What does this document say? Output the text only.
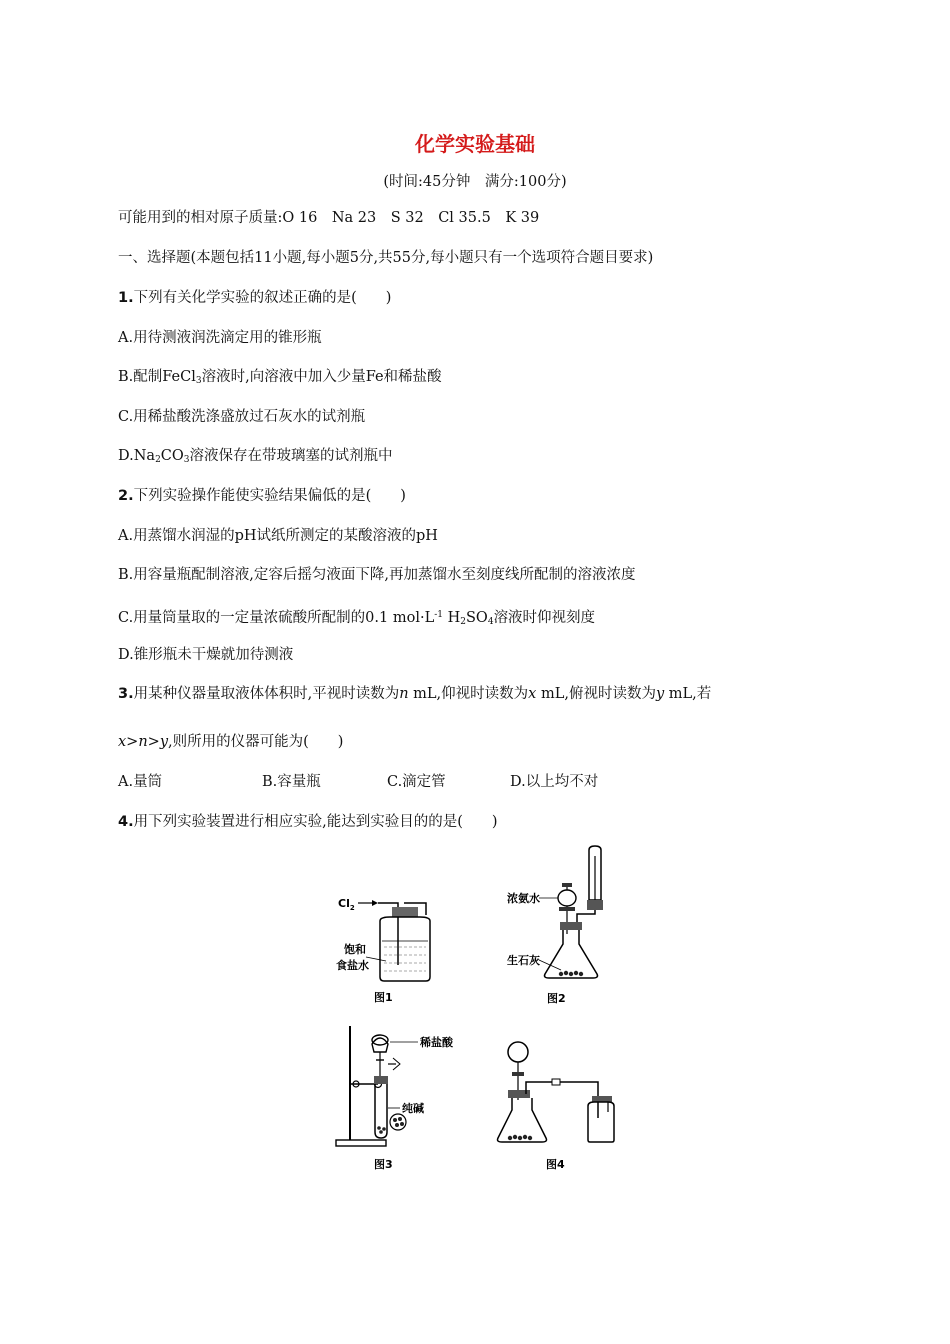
化学实验基础
(时间:45分钟　满分:100分)
可能用到的相对原子质量:O 16　Na 23　S 32　Cl 35.5　K 39
一、选择题(本题包括11小题,每小题5分,共55分,每小题只有一个选项符合题目要求)
1.下列有关化学实验的叙述正确的是(　　)
A.用待测液润洗滴定用的锥形瓶
B.配制FeCl$_3$溶液时,向溶液中加入少量Fe和稀盐酸
C.用稀盐酸洗涤盛放过石灰水的试剂瓶
$D.Na_2CO_3$溶液保存在带玻璃塞的试剂瓶中
2.下列实验操作能使实验结果偏低的是(　　)
A.用蒸馏水润湿的pH试纸所测定的某酸溶液的pH
B.用容量瓶配制溶液,定容后摇匀液面下降,再加蒸馏水至刻度线所配制的溶液浓度
C.用量筒量取的一定量浓硫酸所配制的0.1 $mol\cdot L^{-1}$ $H_2SO_4$溶液时仰视刻度
D.锥形瓶未干燥就加待测液
3.用某种仪器量取液体体积时,平视时读数为n mL,仰视时读数为x mL,俯视时读数为y mL,若
x>n>y,则所用的仪器可能为(　　)
A.量筒	B.容量瓶	C.滴定管	D.以上均不对
4.用下列实验装置进行相应实验,能达到实验目的的是(　　)
$Cl_2$
饱和
食盐水
图1
浓氨水
生石灰
图2
稀盐酸
纯碱
图3	图4
